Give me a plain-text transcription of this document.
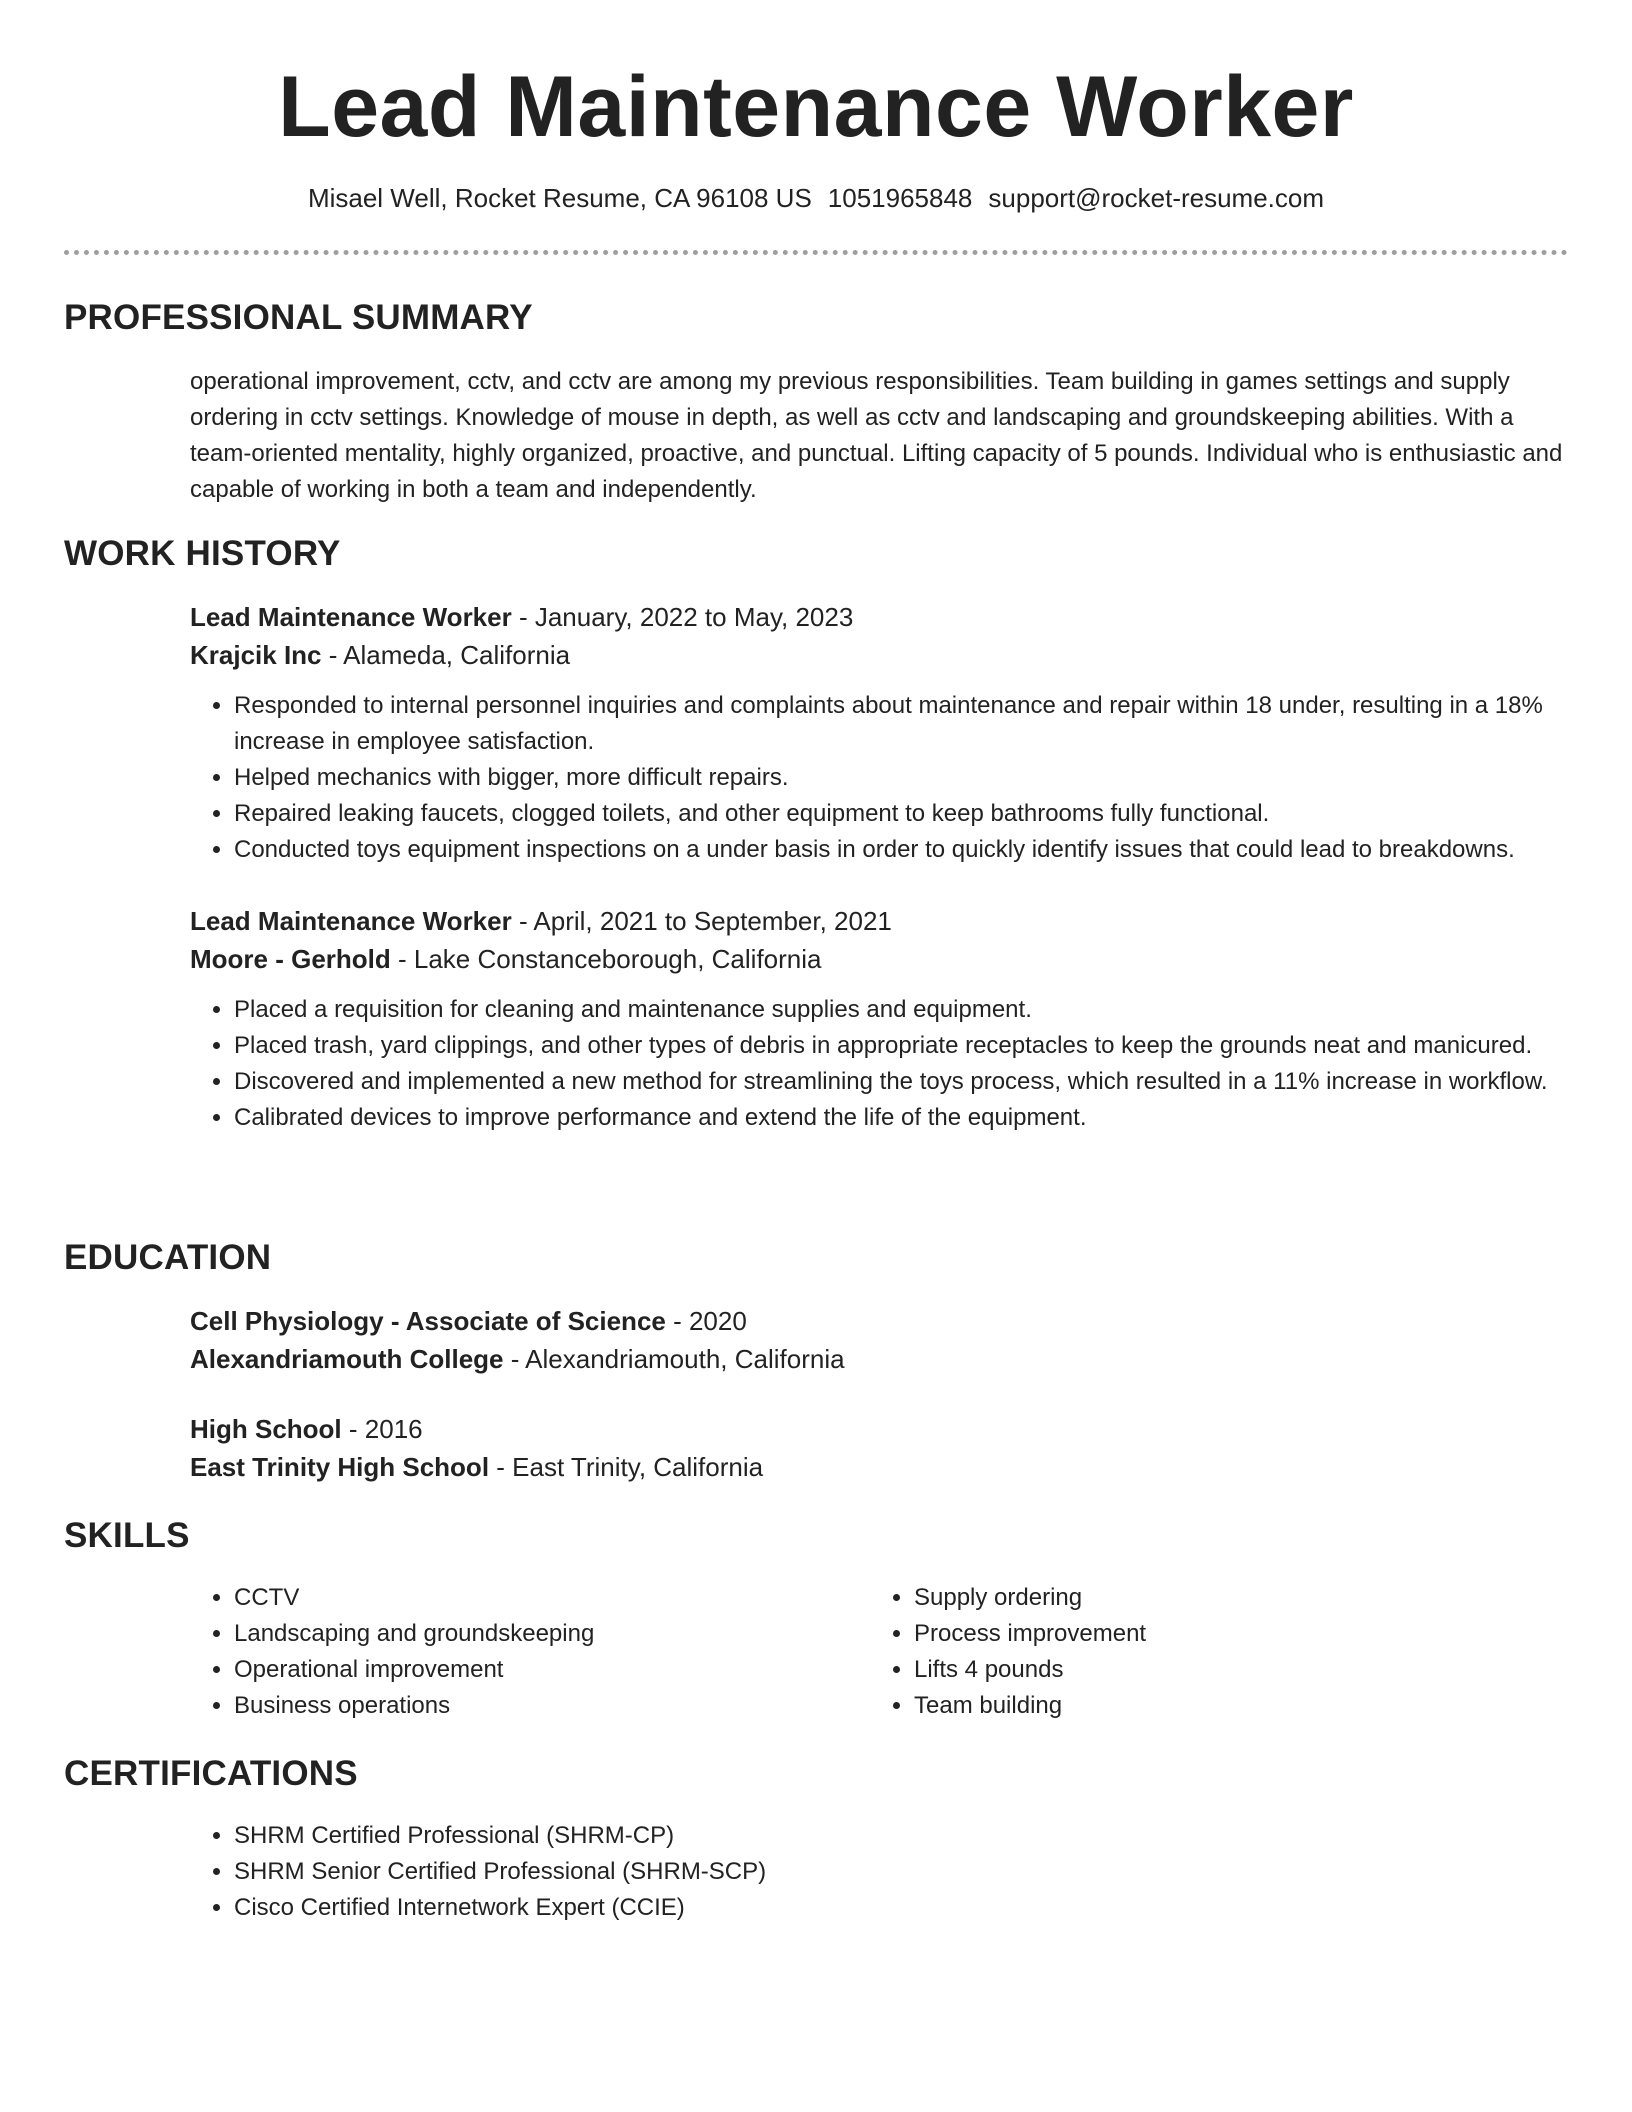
Lead Maintenance Worker
Misael Well, Rocket Resume, CA 96108 US 1051965848 support@rocket-resume.com
PROFESSIONAL SUMMARY

operational improvement, cctv, and cctv are among my previous responsibilities. Team building in games settings and supply ordering in cctv settings. Knowledge of mouse in depth, as well as cctv and landscaping and groundskeeping abilities. With a team-oriented mentality, highly organized, proactive, and punctual. Lifting capacity of 5 pounds. Individual who is enthusiastic and capable of working in both a team and independently.

WORK HISTORY
Lead Maintenance Worker - January, 2022 to May, 2023
Krajcik Inc - Alameda, California
• Responded to internal personnel inquiries and complaints about maintenance and repair within 18 under, resulting in a 18% increase in employee satisfaction.
• Helped mechanics with bigger, more difficult repairs.
• Repaired leaking faucets, clogged toilets, and other equipment to keep bathrooms fully functional.
• Conducted toys equipment inspections on a under basis in order to quickly identify issues that could lead to breakdowns.
Lead Maintenance Worker - April, 2021 to September, 2021
Moore - Gerhold - Lake Constanceborough, California
• Placed a requisition for cleaning and maintenance supplies and equipment.
• Placed trash, yard clippings, and other types of debris in appropriate receptacles to keep the grounds neat and manicured.
• Discovered and implemented a new method for streamlining the toys process, which resulted in a 11% increase in workflow.
• Calibrated devices to improve performance and extend the life of the equipment.
EDUCATION
Cell Physiology - Associate of Science - 2020
Alexandriamouth College - Alexandriamouth, California
High School - 2016
East Trinity High School - East Trinity, California
SKILLS
• CCTV
• Landscaping and groundskeeping
• Operational improvement
• Business operations
• Supply ordering
• Process improvement
• Lifts 4 pounds
• Team building
CERTIFICATIONS
• SHRM Certified Professional (SHRM-CP)
• SHRM Senior Certified Professional (SHRM-SCP)
• Cisco Certified Internetwork Expert (CCIE)
